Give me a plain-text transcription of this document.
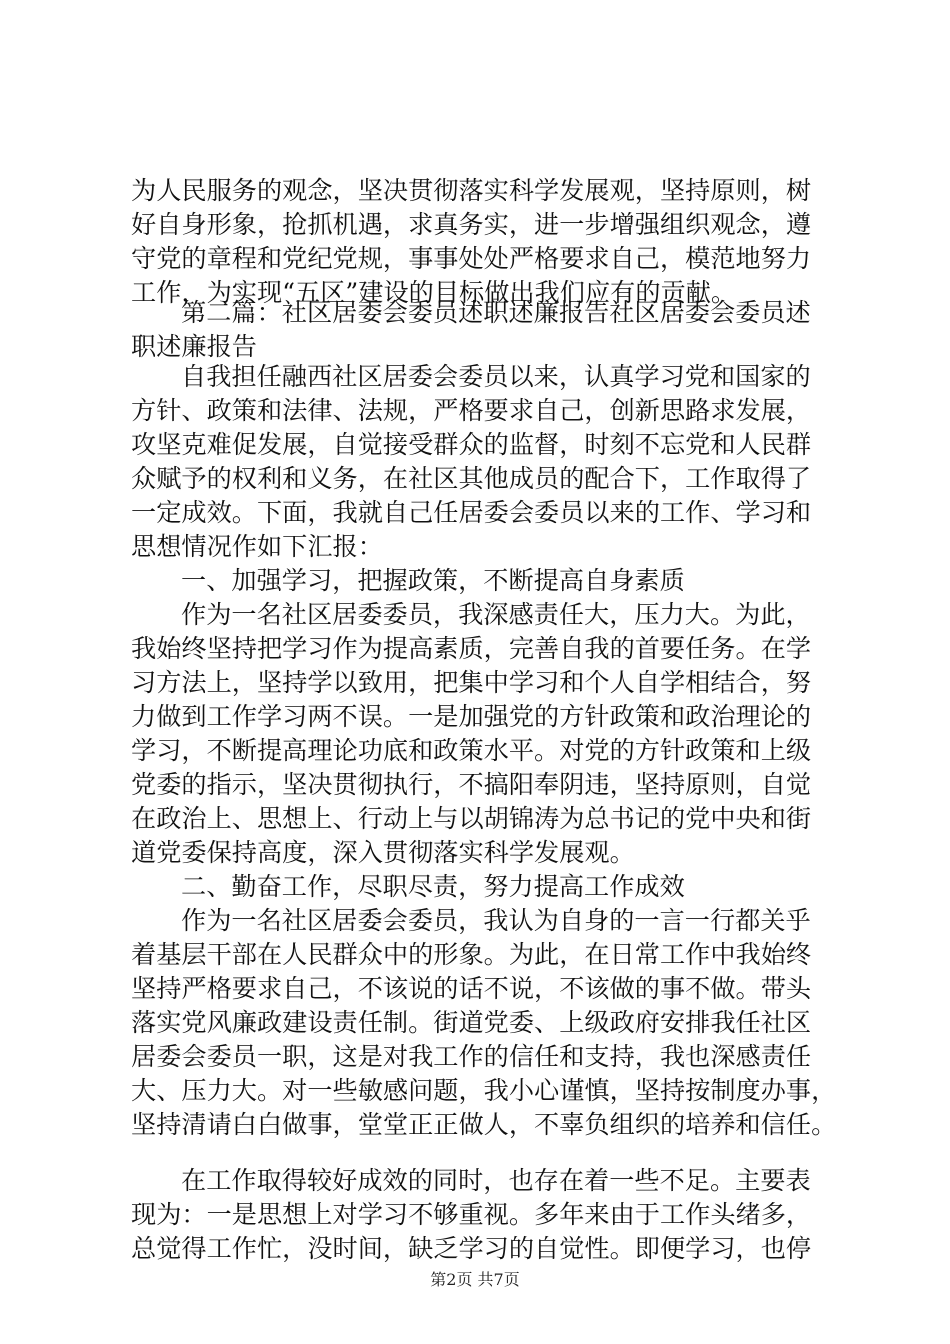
为人民服务的观念，坚决贯彻落实科学发展观，坚持原则，树
好自身形象，抢抓机遇，求真务实，进一步增强组织观念，遵
守党的章程和党纪党规，事事处处严格要求自己，模范地努力
工作，为实现“五区”建设的目标做出我们应有的贡献。
第二篇：社区居委会委员述职述廉报告社区居委会委员述
职述廉报告
自我担任融西社区居委会委员以来，认真学习党和国家的
方针、政策和法律、法规，严格要求自己，创新思路求发展，
攻坚克难促发展，自觉接受群众的监督，时刻不忘党和人民群
众赋予的权利和义务，在社区其他成员的配合下，工作取得了
一定成效。下面，我就自己任居委会委员以来的工作、学习和
思想情况作如下汇报：
一、加强学习，把握政策，不断提高自身素质
作为一名社区居委委员，我深感责任大，压力大。为此，
我始终坚持把学习作为提高素质，完善自我的首要任务。在学
习方法上，坚持学以致用，把集中学习和个人自学相结合，努
力做到工作学习两不误。一是加强党的方针政策和政治理论的
学习，不断提高理论功底和政策水平。对党的方针政策和上级
党委的指示，坚决贯彻执行，不搞阳奉阴违，坚持原则，自觉
在政治上、思想上、行动上与以胡锦涛为总书记的党中央和街
道党委保持高度，深入贯彻落实科学发展观。
二、勤奋工作，尽职尽责，努力提高工作成效
作为一名社区居委会委员，我认为自身的一言一行都关乎
着基层干部在人民群众中的形象。为此，在日常工作中我始终
坚持严格要求自己，不该说的话不说，不该做的事不做。带头
落实党风廉政建设责任制。街道党委、上级政府安排我任社区
居委会委员一职，这是对我工作的信任和支持，我也深感责任
大、压力大。对一些敏感问题，我小心谨慎，坚持按制度办事，
坚持清请白白做事，堂堂正正做人，不辜负组织的培养和信任。
在工作取得较好成效的同时，也存在着一些不足。主要表
现为：一是思想上对学习不够重视。多年来由于工作头绪多，
总觉得工作忙，没时间，缺乏学习的自觉性。即便学习，也停
第2页 共7页
